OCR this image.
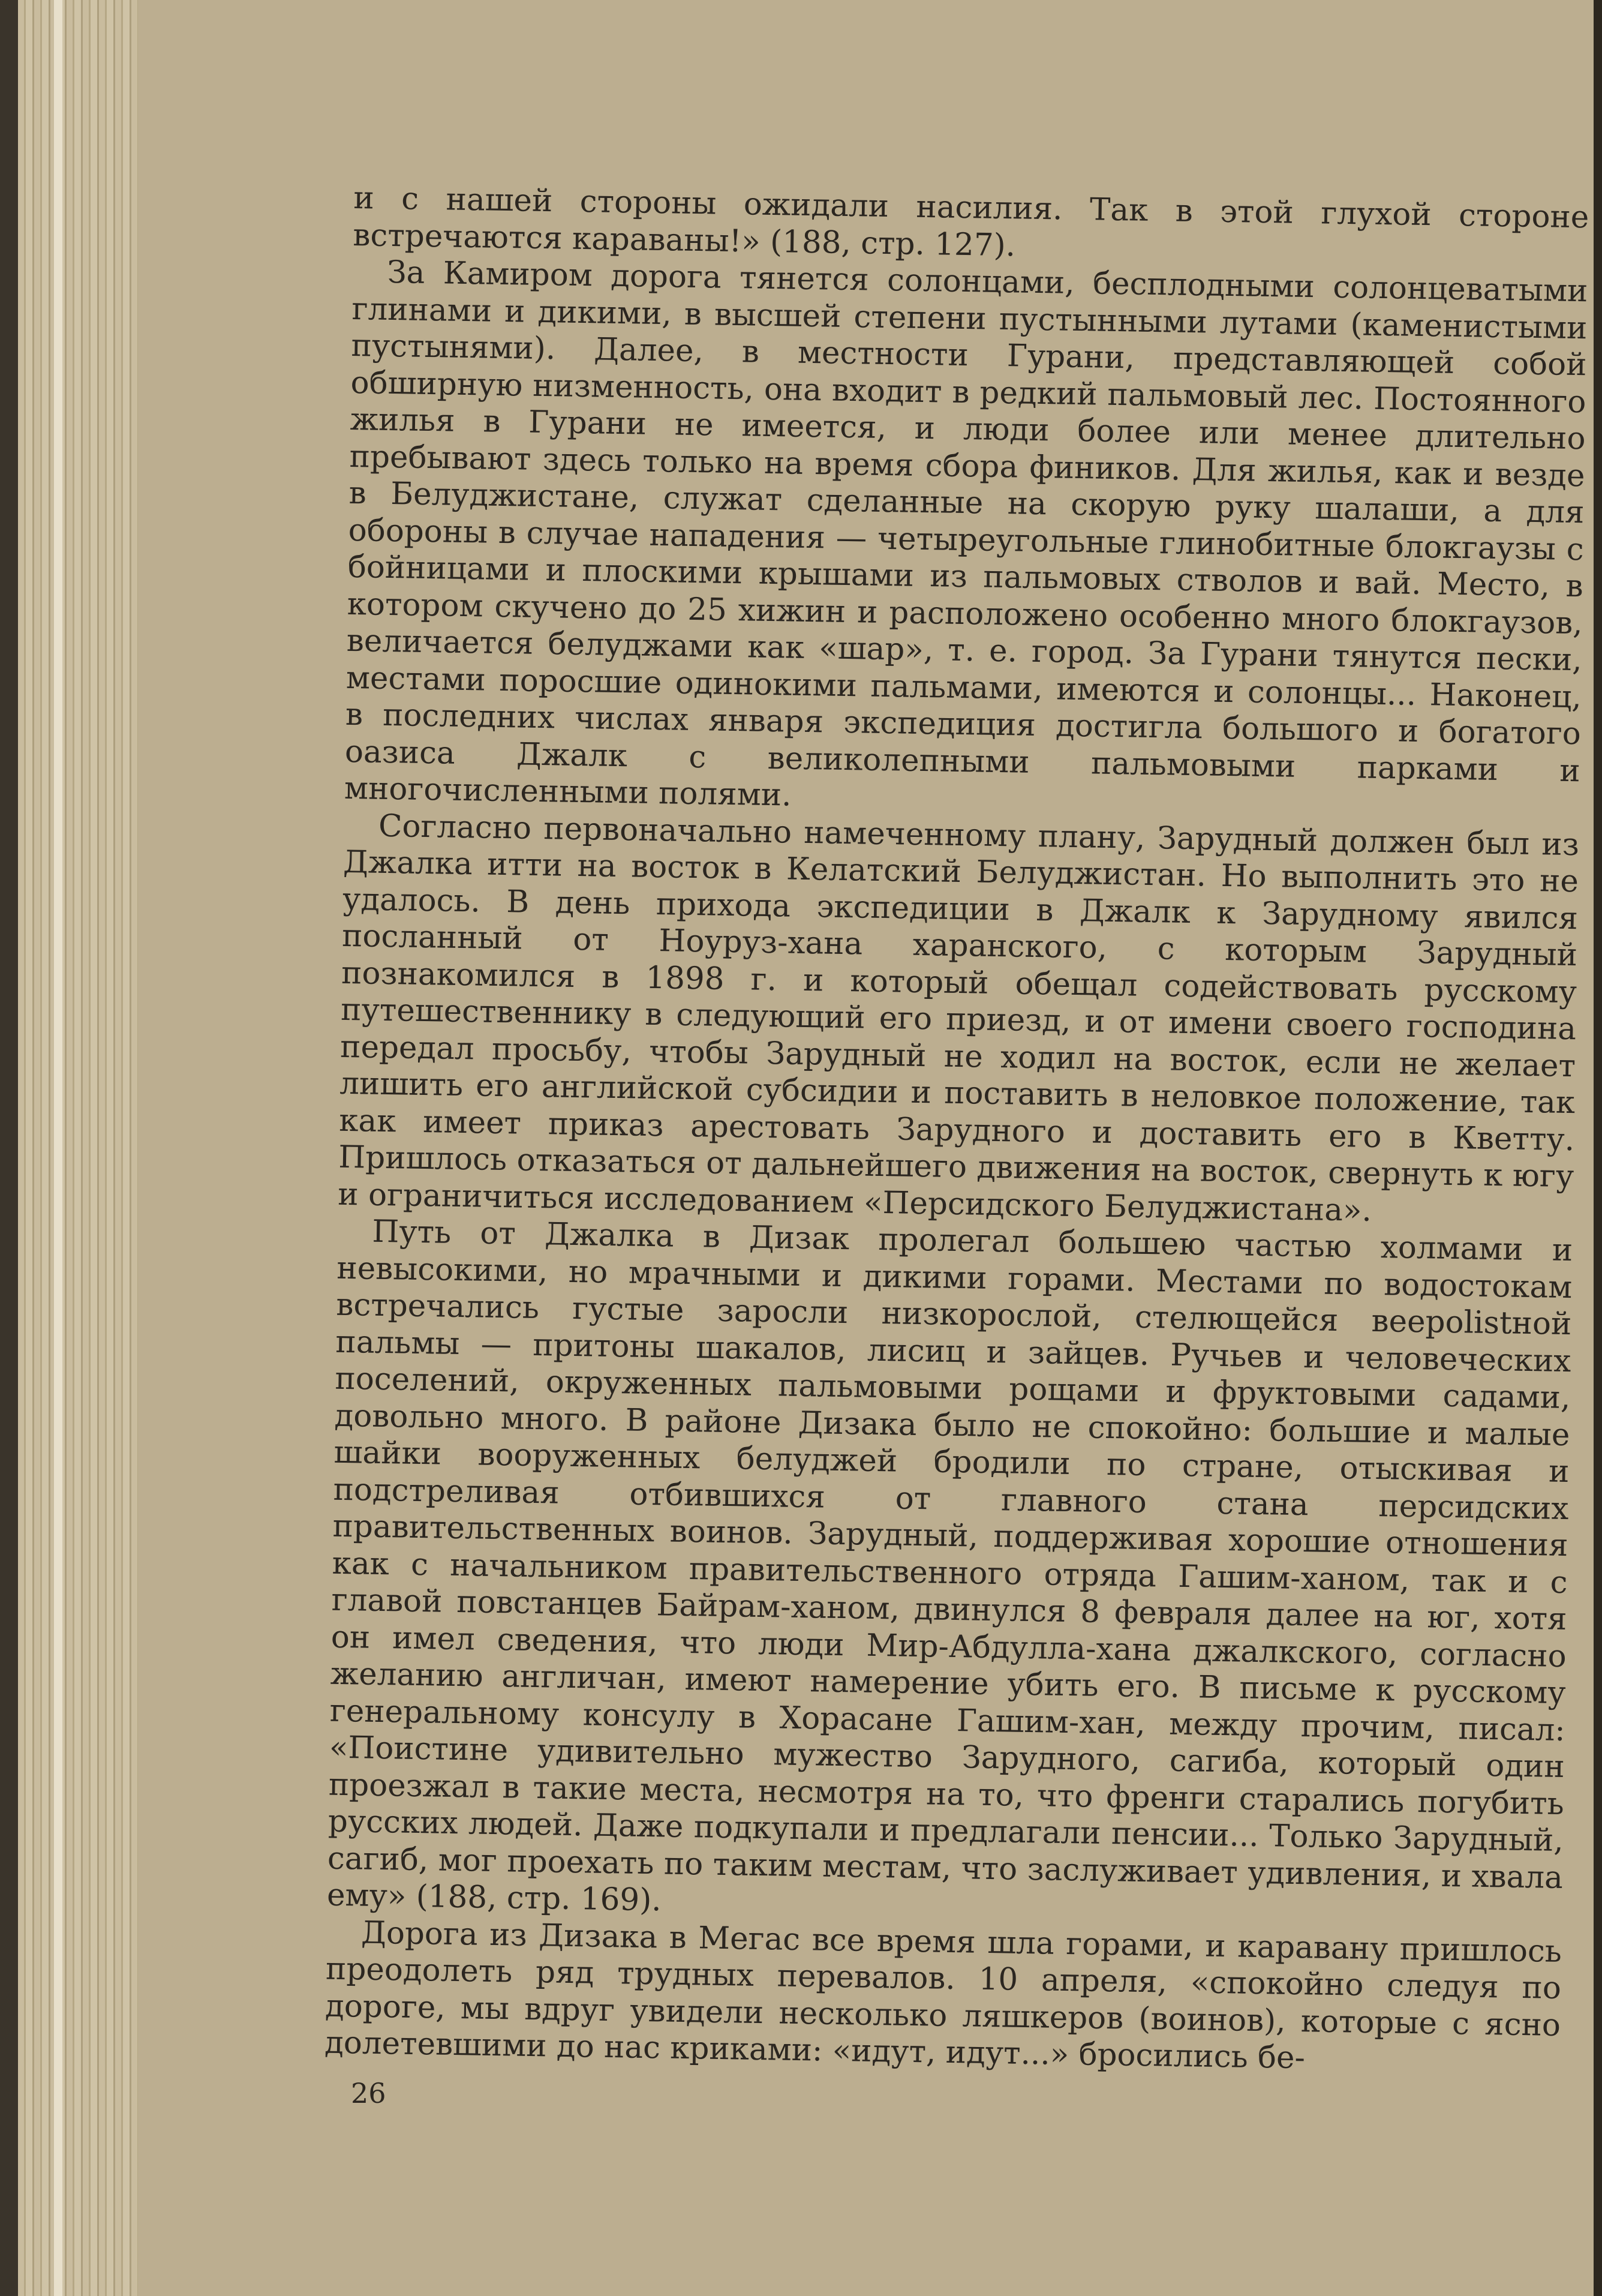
и с нашей стороны ожидали насилия. Так в этой глухой стороне встречаются караваны!» (188, стр. 127).

За Камиром дорога тянется солонцами, бесплодными солонцеватыми глинами и дикими, в высшей степени пустынными лутами (каменистыми пустынями). Далее, в местности Гурани, представляющей собой обширную низменность, она входит в редкий пальмовый лес. Постоянного жилья в Гурани не имеется, и люди более или менее длительно пребывают здесь только на время сбора фиников. Для жилья, как и везде в Белуджистане, служат сделанные на скорую руку шалаши, а для обороны в случае нападения — четыреугольные глинобитные блокгаузы с бойницами и плоскими крышами из пальмовых стволов и вай. Место, в котором скучено до 25 хижин и расположено особенно много блокгаузов, величается белуджами как «шар», т. е. город. За Гурани тянутся пески, местами поросшие одинокими пальмами, имеются и солонцы... Наконец, в последних числах января экспедиция достигла большого и богатого оазиса Джалк с великолепными пальмовыми парками и многочисленными полями.

Согласно первоначально намеченному плану, Зарудный должен был из Джалка итти на восток в Келатский Белуджистан. Но выполнить это не удалось. В день прихода экспедиции в Джалк к Зарудному явился посланный от Ноуруз-хана харанского, с которым Зарудный познакомился в 1898 г. и который обещал содействовать русскому путешественнику в следующий его приезд, и от имени своего господина передал просьбу, чтобы Зарудный не ходил на восток, если не желает лишить его английской субсидии и поставить в неловкое положение, так как имеет приказ арестовать Зарудного и доставить его в Кветту. Пришлось отказаться от дальнейшего движения на восток, свернуть к югу и ограничиться исследованием «Персидского Белуджистана».

Путь от Джалка в Дизак пролегал большею частью холмами и невысокими, но мрачными и дикими горами. Местами по водостокам встречались густые заросли низкорослой, стелющейся веерolistной пальмы — притоны шакалов, лисиц и зайцев. Ручьев и человеческих поселений, окруженных пальмовыми рощами и фруктовыми садами, довольно много. В районе Дизака было не спокойно: большие и малые шайки вооруженных белуджей бродили по стране, отыскивая и подстреливая отбившихся от главного стана персидских правительственных воинов. Зарудный, поддерживая хорошие отношения как с начальником правительственного отряда Гашим-ханом, так и с главой повстанцев Байрам-ханом, двинулся 8 февраля далее на юг, хотя он имел сведения, что люди Мир-Абдулла-хана джалкского, согласно желанию англичан, имеют намерение убить его. В письме к русскому генеральному консулу в Хорасане Гашим-хан, между прочим, писал: «Поистине удивительно мужество Зарудного, сагиба, который один проезжал в такие места, несмотря на то, что френги старались погубить русских людей. Даже подкупали и предлагали пенсии... Только Зарудный, сагиб, мог проехать по таким местам, что заслуживает удивления, и хвала ему» (188, стр. 169).

Дорога из Дизака в Мегас все время шла горами, и каравану пришлось преодолеть ряд трудных перевалов. 10 апреля, «спокойно следуя по дороге, мы вдруг увидели несколько ляшкеров (воинов), которые с ясно долетевшими до нас криками: «идут, идут...» бросились бе-

26
